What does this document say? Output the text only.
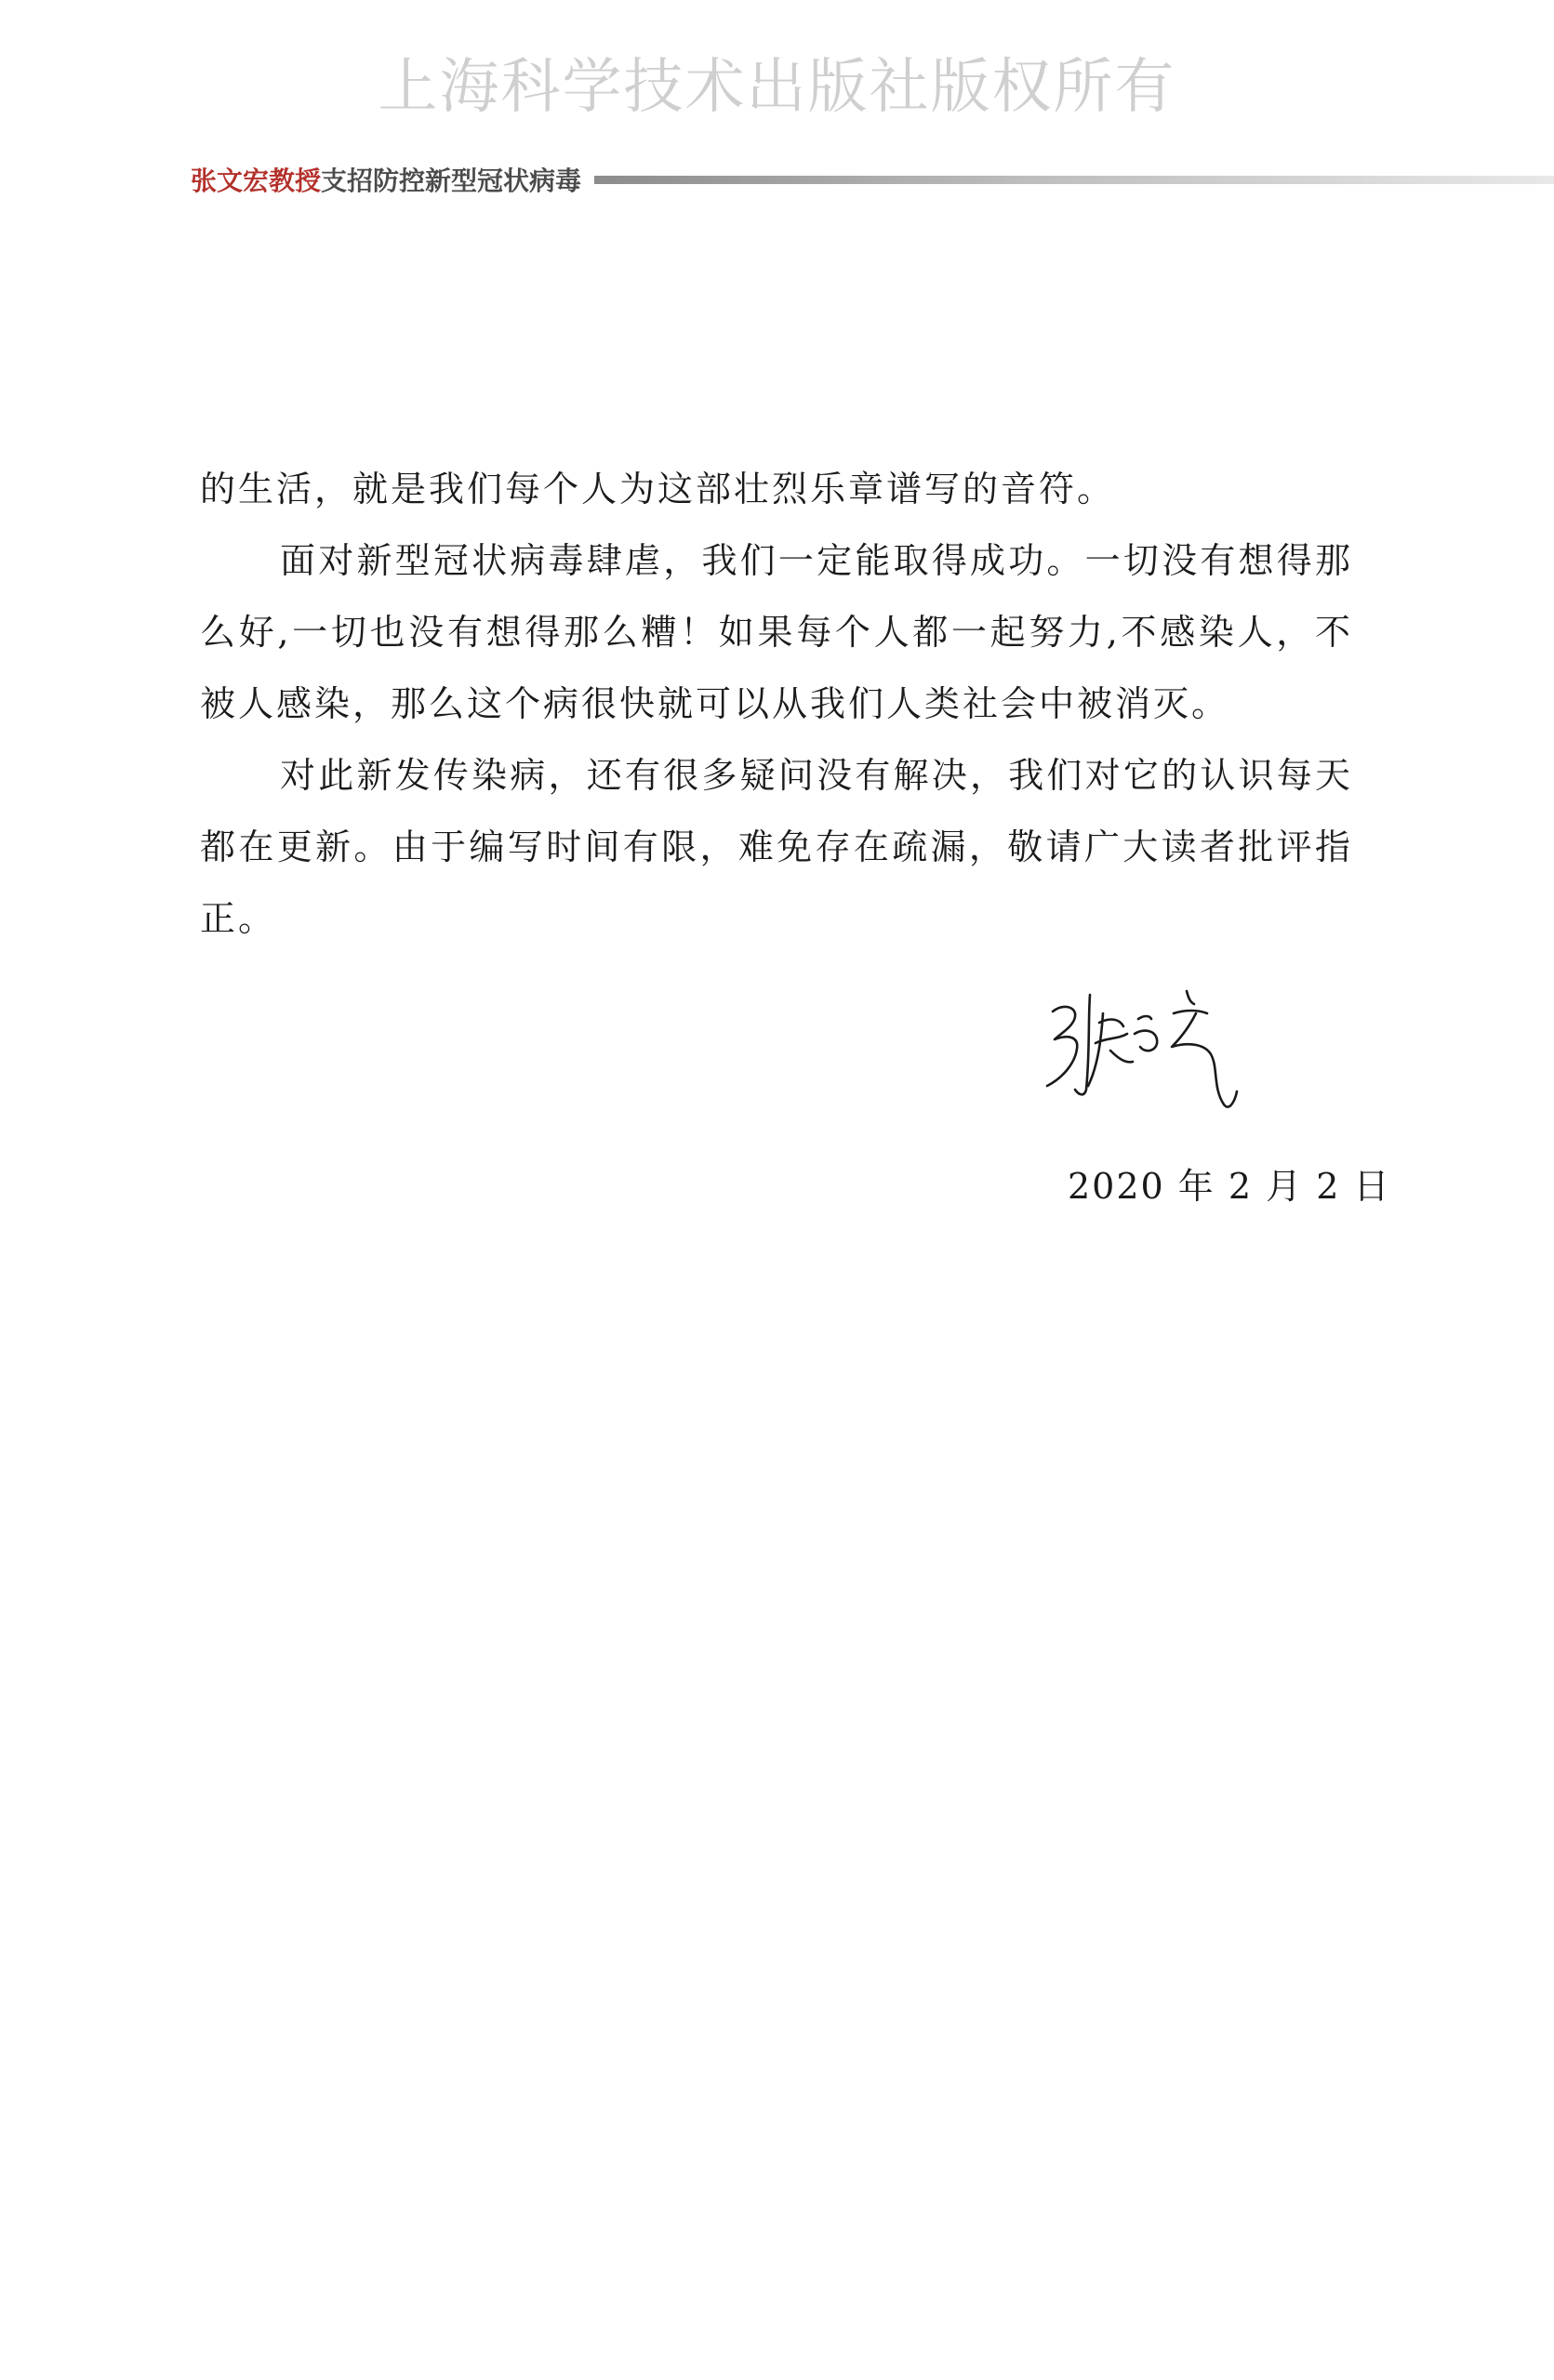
上海科学技术出版社版权所有
张文宏教授 支招防控新型冠状病毒

的生活，就是我们每个人为这部壮烈乐章谱写的音符。

面对新型冠状病毒肆虐，我们一定能取得成功。一切没有想得那么好,一切也没有想得那么糟！如果每个人都一起努力,不感染人，不被人感染，那么这个病很快就可以从我们人类社会中被消灭。

对此新发传染病，还有很多疑问没有解决，我们对它的认识每天都在更新。由于编写时间有限，难免存在疏漏，敬请广大读者批评指正。

2020 年 2 月 2 日
